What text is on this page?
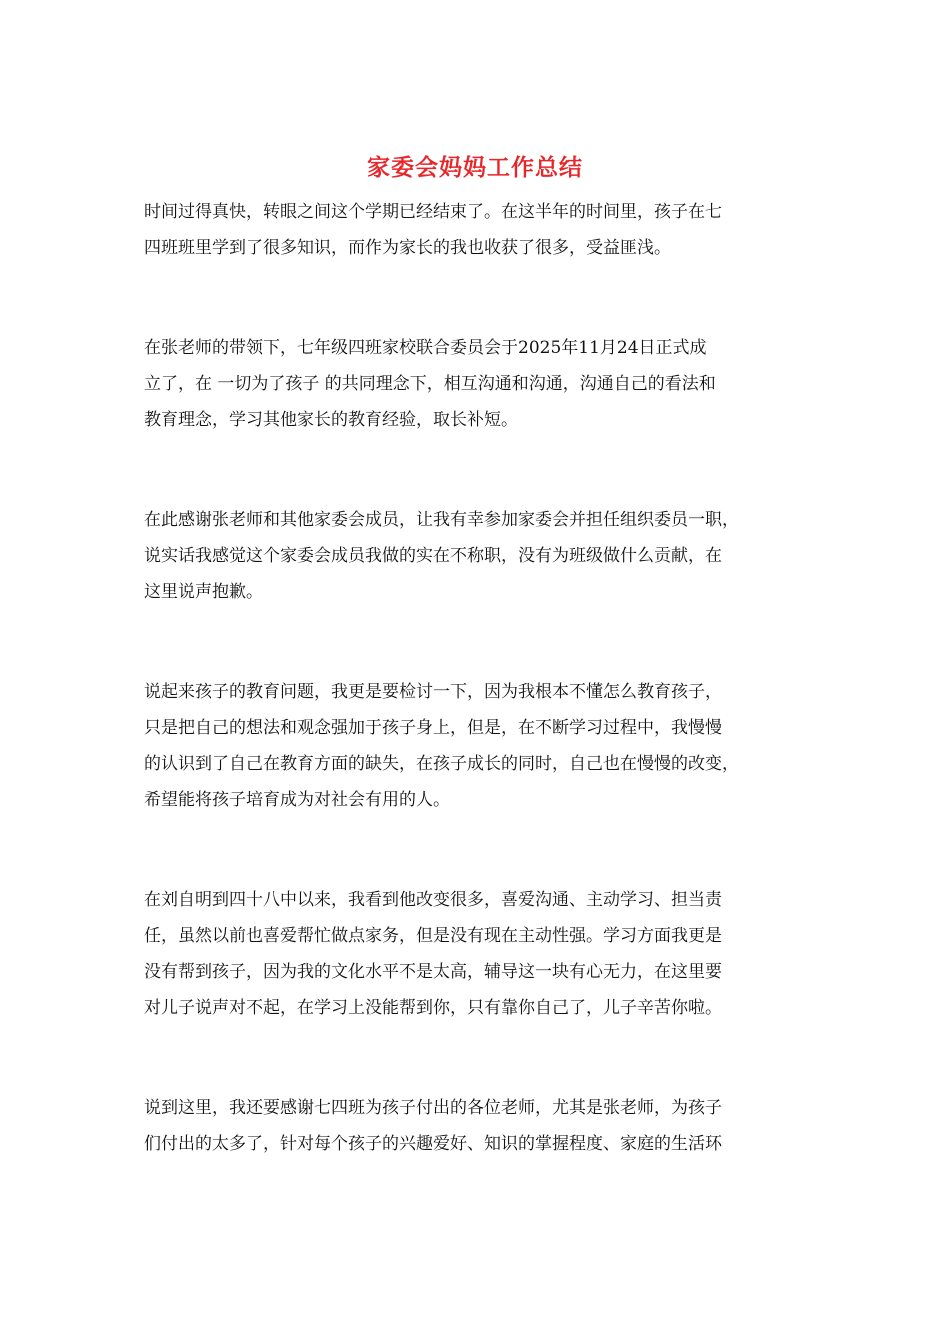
家委会妈妈工作总结

时间过得真快，转眼之间这个学期已经结束了。在这半年的时间里，孩子在七
四班班里学到了很多知识，而作为家长的我也收获了很多，受益匪浅。

在张老师的带领下，七年级四班家校联合委员会于2025年11月24日正式成
立了，在 一切为了孩子 的共同理念下，相互沟通和沟通，沟通自己的看法和
教育理念，学习其他家长的教育经验，取长补短。

在此感谢张老师和其他家委会成员，让我有幸参加家委会并担任组织委员一职，
说实话我感觉这个家委会成员我做的实在不称职，没有为班级做什么贡献，在
这里说声抱歉。

说起来孩子的教育问题，我更是要检讨一下，因为我根本不懂怎么教育孩子，
只是把自己的想法和观念强加于孩子身上，但是，在不断学习过程中，我慢慢
的认识到了自己在教育方面的缺失，在孩子成长的同时，自己也在慢慢的改变，
希望能将孩子培育成为对社会有用的人。

在刘自明到四十八中以来，我看到他改变很多，喜爱沟通、主动学习、担当责
任，虽然以前也喜爱帮忙做点家务，但是没有现在主动性强。学习方面我更是
没有帮到孩子，因为我的文化水平不是太高，辅导这一块有心无力，在这里要
对儿子说声对不起，在学习上没能帮到你，只有靠你自己了，儿子辛苦你啦。

说到这里，我还要感谢七四班为孩子付出的各位老师，尤其是张老师，为孩子
们付出的太多了，针对每个孩子的兴趣爱好、知识的掌握程度、家庭的生活环
